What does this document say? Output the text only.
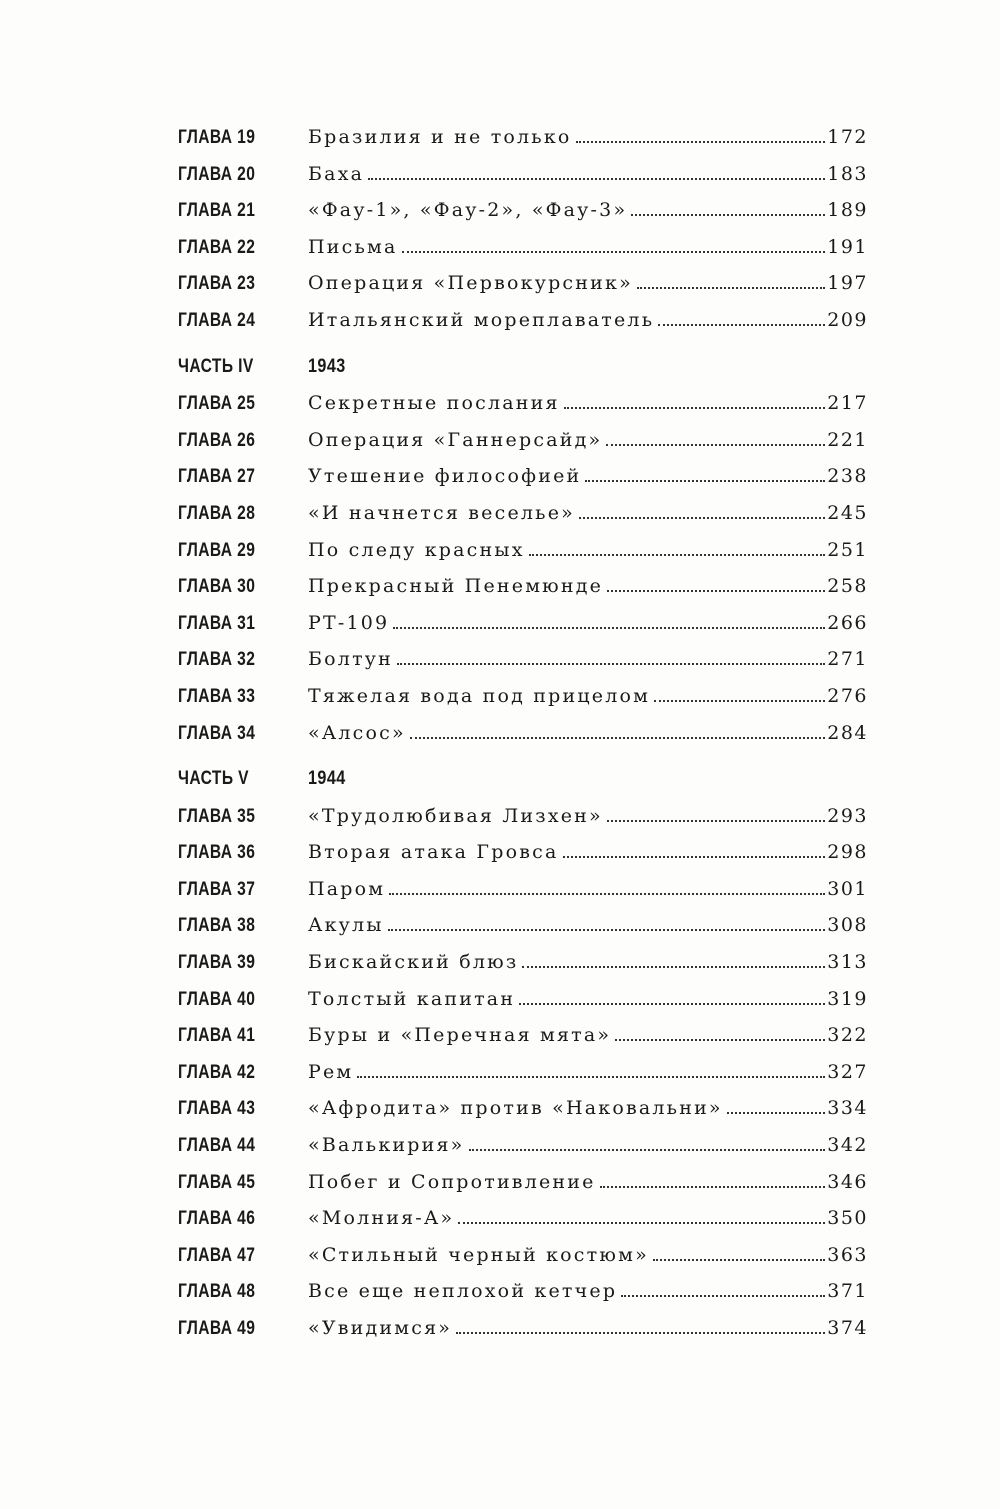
ГЛАВА 19	Бразилия и не только	172
ГЛАВА 20	Баха	183
ГЛАВА 21	«Фау-1», «Фау-2», «Фау-3»	189
ГЛАВА 22	Письма	191
ГЛАВА 23	Операция «Первокурсник»	197
ГЛАВА 24	Итальянский мореплаватель	209
ЧАСТЬ IV	1943
ГЛАВА 25	Секретные послания	217
ГЛАВА 26	Операция «Ганнерсайд»	221
ГЛАВА 27	Утешение философией	238
ГЛАВА 28	«И начнется веселье»	245
ГЛАВА 29	По следу красных	251
ГЛАВА 30	Прекрасный Пенемюнде	258
ГЛАВА 31	РТ-109	266
ГЛАВА 32	Болтун	271
ГЛАВА 33	Тяжелая вода под прицелом	276
ГЛАВА 34	«Алсос»	284
ЧАСТЬ V	1944
ГЛАВА 35	«Трудолюбивая Лизхен»	293
ГЛАВА 36	Вторая атака Гровса	298
ГЛАВА 37	Паром	301
ГЛАВА 38	Акулы	308
ГЛАВА 39	Бискайский блюз	313
ГЛАВА 40	Толстый капитан	319
ГЛАВА 41	Буры и «Перечная мята»	322
ГЛАВА 42	Рем	327
ГЛАВА 43	«Афродита» против «Наковальни»	334
ГЛАВА 44	«Валькирия»	342
ГЛАВА 45	Побег и Сопротивление	346
ГЛАВА 46	«Молния-А»	350
ГЛАВА 47	«Стильный черный костюм»	363
ГЛАВА 48	Все еще неплохой кетчер	371
ГЛАВА 49	«Увидимся»	374
